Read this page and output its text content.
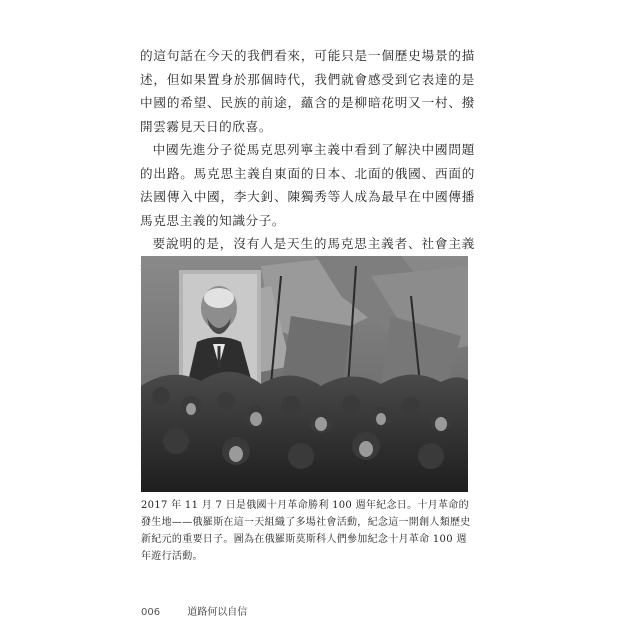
的這句話在今天的我們看來，可能只是一個歷史場景的描述，但如果置身於那個時代，我們就會感受到它表達的是中國的希望、民族的前途，蘊含的是柳暗花明又一村、撥開雲霧見天日的欣喜。

中國先進分子從馬克思列寧主義中看到了解決中國問題的出路。馬克思主義自東面的日本、北面的俄國、西面的法國傳入中國，李大釗、陳獨秀等人成為最早在中國傳播馬克思主義的知識分子。

要說明的是，沒有人是天生的馬克思主義者、社會主義

2017 年 11 月 7 日是俄國十月革命勝利 100 週年紀念日。十月革命的發生地——俄羅斯在這一天組織了多場社會活動，紀念這一開創人類歷史新紀元的重要日子。圖為在俄羅斯莫斯科人們參加紀念十月革命 100 週年遊行活動。

006	道路何以自信
